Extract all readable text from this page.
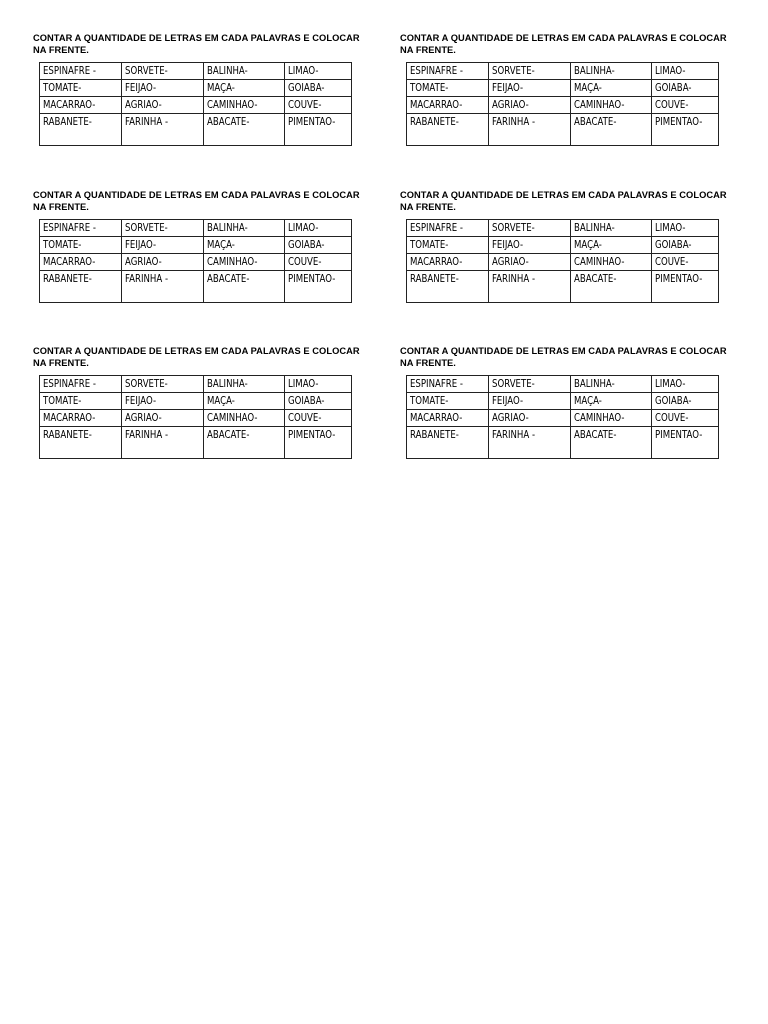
CONTAR A QUANTIDADE DE LETRAS EM CADA PALAVRAS E COLOCAR NA FRENTE.

ESPINAFRE -	SORVETE-	BALINHA-	LIMAO-
TOMATE-	FEIJAO-	MAÇA-	GOIABA-
MACARRAO-	AGRIAO-	CAMINHAO-	COUVE-
RABANETE-	FARINHA -	ABACATE-	PIMENTAO-

CONTAR A QUANTIDADE DE LETRAS EM CADA PALAVRAS E COLOCAR NA FRENTE.

ESPINAFRE -	SORVETE-	BALINHA-	LIMAO-
TOMATE-	FEIJAO-	MAÇA-	GOIABA-
MACARRAO-	AGRIAO-	CAMINHAO-	COUVE-
RABANETE-	FARINHA -	ABACATE-	PIMENTAO-

CONTAR A QUANTIDADE DE LETRAS EM CADA PALAVRAS E COLOCAR NA FRENTE.

ESPINAFRE -	SORVETE-	BALINHA-	LIMAO-
TOMATE-	FEIJAO-	MAÇA-	GOIABA-
MACARRAO-	AGRIAO-	CAMINHAO-	COUVE-
RABANETE-	FARINHA -	ABACATE-	PIMENTAO-

CONTAR A QUANTIDADE DE LETRAS EM CADA PALAVRAS E COLOCAR NA FRENTE.

ESPINAFRE -	SORVETE-	BALINHA-	LIMAO-
TOMATE-	FEIJAO-	MAÇA-	GOIABA-
MACARRAO-	AGRIAO-	CAMINHAO-	COUVE-
RABANETE-	FARINHA -	ABACATE-	PIMENTAO-

CONTAR A QUANTIDADE DE LETRAS EM CADA PALAVRAS E COLOCAR NA FRENTE.

ESPINAFRE -	SORVETE-	BALINHA-	LIMAO-
TOMATE-	FEIJAO-	MAÇA-	GOIABA-
MACARRAO-	AGRIAO-	CAMINHAO-	COUVE-
RABANETE-	FARINHA -	ABACATE-	PIMENTAO-

CONTAR A QUANTIDADE DE LETRAS EM CADA PALAVRAS E COLOCAR NA FRENTE.

ESPINAFRE -	SORVETE-	BALINHA-	LIMAO-
TOMATE-	FEIJAO-	MAÇA-	GOIABA-
MACARRAO-	AGRIAO-	CAMINHAO-	COUVE-
RABANETE-	FARINHA -	ABACATE-	PIMENTAO-
